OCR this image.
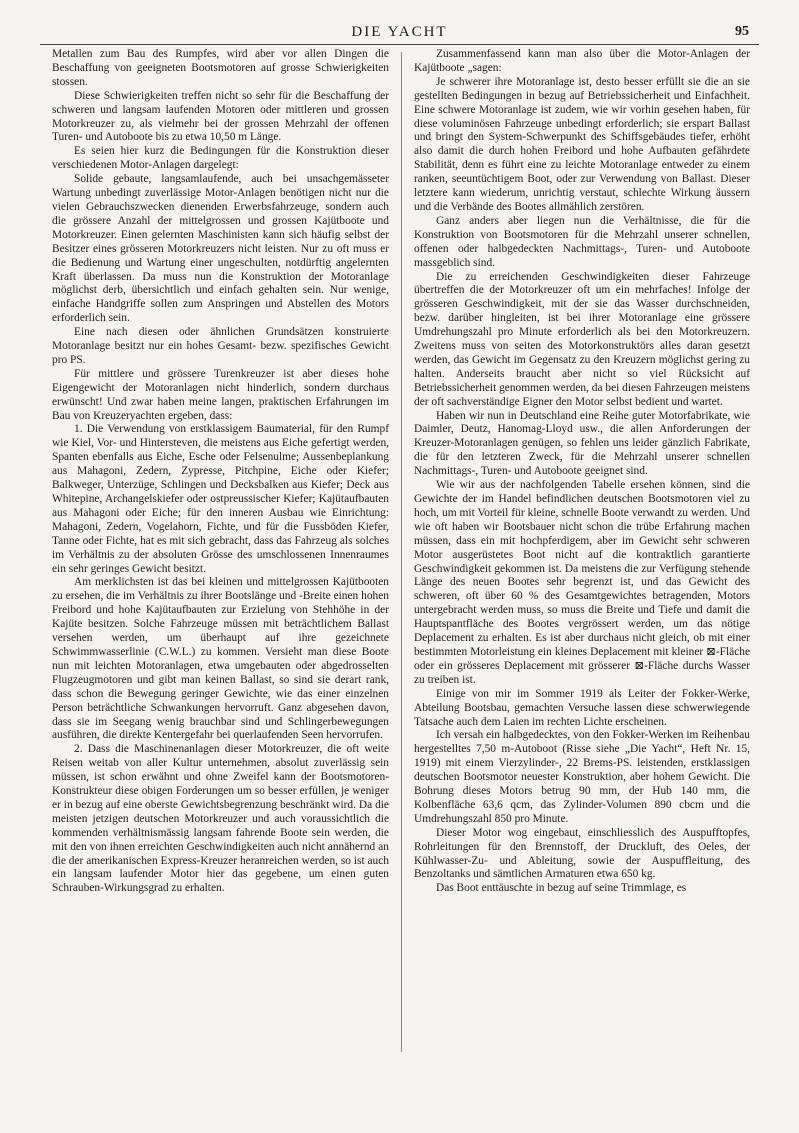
DIE YACHT	95

Metallen zum Bau des Rumpfes, wird aber vor allen Dingen die Beschaffung von geeigneten Bootsmotoren auf grosse Schwierigkeiten stossen.

Diese Schwierigkeiten treffen nicht so sehr für die Beschaffung der schweren und langsam laufenden Motoren oder mittleren und grossen Motorkreuzer zu, als vielmehr bei der grossen Mehrzahl der offenen Turen- und Autoboote bis zu etwa 10,50 m Länge.

Es seien hier kurz die Bedingungen für die Konstruktion dieser verschiedenen Motor-Anlagen dargelegt:

Solide gebaute, langsamlaufende, auch bei unsachgemässeter Wartung unbedingt zuverlässige Motor-Anlagen benötigen nicht nur die vielen Gebrauchszwecken dienenden Erwerbsfahrzeuge, sondern auch die grössere Anzahl der mittelgrossen und grossen Kajütboote und Motorkreuzer. Einen gelernten Maschinisten kann sich häufig selbst der Besitzer eines grösseren Motorkreuzers nicht leisten. Nur zu oft muss er die Bedienung und Wartung einer ungeschulten, notdürftig angelernten Kraft überlassen. Da muss nun die Konstruktion der Motoranlage möglichst derb, übersichtlich und einfach gehalten sein. Nur wenige, einfache Handgriffe sollen zum Anspringen und Abstellen des Motors erforderlich sein.

Eine nach diesen oder ähnlichen Grundsätzen konstruierte Motoranlage besitzt nur ein hohes Gesamt- bezw. spezifisches Gewicht pro PS.

Für mittlere und grössere Turenkreuzer ist aber dieses hohe Eigengewicht der Motoranlagen nicht hinderlich, sondern durchaus erwünscht! Und zwar haben meine langen, praktischen Erfahrungen im Bau von Kreuzeryachten ergeben, dass:

1. Die Verwendung von erstklassigem Baumaterial, für den Rumpf wie Kiel, Vor- und Hintersteven, die meistens aus Eiche gefertigt werden, Spanten ebenfalls aus Eiche, Esche oder Felsenulme; Aussenbeplankung aus Mahagoni, Zedern, Zypresse, Pitchpine, Eiche oder Kiefer; Balkweger, Unterzüge, Schlingen und Decksbalken aus Kiefer; Deck aus Whitepine, Archangelskiefer oder ostpreussischer Kiefer; Kajütaufbauten aus Mahagoni oder Eiche; für den inneren Ausbau wie Einrichtung: Mahagoni, Zedern, Vogelahorn, Fichte, und für die Fussböden Kiefer, Tanne oder Fichte, hat es mit sich gebracht, dass das Fahrzeug als solches im Verhältnis zu der absoluten Grösse des umschlossenen Innenraumes ein sehr geringes Gewicht besitzt.

Am merklichsten ist das bei kleinen und mittelgrossen Kajütbooten zu ersehen, die im Verhältnis zu ihrer Bootslänge und -Breite einen hohen Freibord und hohe Kajütaufbauten zur Erzielung von Stehhöhe in der Kajüte besitzen. Solche Fahrzeuge müssen mit beträchtlichem Ballast versehen werden, um überhaupt auf ihre gezeichnete Schwimmwasserlinie (C.W.L.) zu kommen. Versieht man diese Boote nun mit leichten Motoranlagen, etwa umgebauten oder abgedrosselten Flugzeugmotoren und gibt man keinen Ballast, so sind sie derart rank, dass schon die Bewegung geringer Gewichte, wie das einer einzelnen Person beträchtliche Schwankungen hervorruft. Ganz abgesehen davon, dass sie im Seegang wenig brauchbar sind und Schlingerbewegungen ausführen, die direkte Kentergefahr bei querlaufenden Seen hervorrufen.

2. Dass die Maschinenanlagen dieser Motorkreuzer, die oft weite Reisen weitab von aller Kultur unternehmen, absolut zuverlässig sein müssen, ist schon erwähnt und ohne Zweifel kann der Bootsmotoren-Konstrukteur diese obigen Forderungen um so besser erfüllen, je weniger er in bezug auf eine oberste Gewichtsbegrenzung beschränkt wird. Da die meisten jetzigen deutschen Motorkreuzer und auch voraussichtlich die kommenden verhältnismässig langsam fahrende Boote sein werden, die mit den von ihnen erreichten Geschwindigkeiten auch nicht annähernd an die der amerikanischen Express-Kreuzer heranreichen werden, so ist auch ein langsam laufender Motor hier das gegebene, um einen guten Schrauben-Wirkungsgrad zu erhalten.

Zusammenfassend kann man also über die Motor-Anlagen der Kajütboote „sagen:

Je schwerer ihre Motoranlage ist, desto besser erfüllt sie die an sie gestellten Bedingungen in bezug auf Betriebssicherheit und Einfachheit. Eine schwere Motoranlage ist zudem, wie wir vorhin gesehen haben, für diese voluminösen Fahrzeuge unbedingt erforderlich; sie erspart Ballast und bringt den System-Schwerpunkt des Schiffsgebäudes tiefer, erhöht also damit die durch hohen Freibord und hohe Aufbauten gefährdete Stabilität, denn es führt eine zu leichte Motoranlage entweder zu einem ranken, seeuntüchtigem Boot, oder zur Verwendung von Ballast. Dieser letztere kann wiederum, unrichtig verstaut, schlechte Wirkung äussern und die Verbände des Bootes allmählich zerstören.

Ganz anders aber liegen nun die Verhältnisse, die für die Konstruktion von Bootsmotoren für die Mehrzahl unserer schnellen, offenen oder halbgedeckten Nachmittags-, Turen- und Autoboote massgeblich sind.

Die zu erreichenden Geschwindigkeiten dieser Fahrzeuge übertreffen die der Motorkreuzer oft um ein mehrfaches! Infolge der grösseren Geschwindigkeit, mit der sie das Wasser durchschneiden, bezw. darüber hingleiten, ist bei ihrer Motoranlage eine grössere Umdrehungszahl pro Minute erforderlich als bei den Motorkreuzern. Zweitens muss von seiten des Motorkonstruktörs alles daran gesetzt werden, das Gewicht im Gegensatz zu den Kreuzern möglichst gering zu halten. Anderseits braucht aber nicht so viel Rücksicht auf Betriebssicherheit genommen werden, da bei diesen Fahrzeugen meistens der oft sachverständige Eigner den Motor selbst bedient und wartet.

Haben wir nun in Deutschland eine Reihe guter Motorfabrikate, wie Daimler, Deutz, Hanomag-Lloyd usw., die allen Anforderungen der Kreuzer-Motoranlagen genügen, so fehlen uns leider gänzlich Fabrikate, die für den letzteren Zweck, für die Mehrzahl unserer schnellen Nachmittags-, Turen- und Autoboote geeignet sind.

Wie wir aus der nachfolgenden Tabelle ersehen können, sind die Gewichte der im Handel befindlichen deutschen Bootsmotoren viel zu hoch, um mit Vorteil für kleine, schnelle Boote verwandt zu werden. Und wie oft haben wir Bootsbauer nicht schon die trübe Erfahrung machen müssen, dass ein mit hochpferdigem, aber im Gewicht sehr schweren Motor ausgerüstetes Boot nicht auf die kontraktlich garantierte Geschwindigkeit gekommen ist. Da meistens die zur Verfügung stehende Länge des neuen Bootes sehr begrenzt ist, und das Gewicht des schweren, oft über 60 % des Gesamtgewichtes betragenden, Motors untergebracht werden muss, so muss die Breite und Tiefe und damit die Hauptspantfläche des Bootes vergrössert werden, um das nötige Deplacement zu erhalten. Es ist aber durchaus nicht gleich, ob mit einer bestimmten Motorleistung ein kleines Deplacement mit kleiner ⊠-Fläche oder ein grösseres Deplacement mit grösserer ⊠-Fläche durchs Wasser zu treiben ist.

Einige von mir im Sommer 1919 als Leiter der Fokker-Werke, Abteilung Bootsbau, gemachten Versuche lassen diese schwerwiegende Tatsache auch dem Laien im rechten Lichte erscheinen.

Ich versah ein halbgedecktes, von den Fokker-Werken im Reihenbau hergestelltes 7,50 m-Autoboot (Risse siehe „Die Yacht“, Heft Nr. 15, 1919) mit einem Vierzylinder-, 22 Brems-PS. leistenden, erstklassigen deutschen Bootsmotor neuester Konstruktion, aber hohem Gewicht. Die Bohrung dieses Motors betrug 90 mm, der Hub 140 mm, die Kolbenfläche 63,6 qcm, das Zylinder-Volumen 890 cbcm und die Umdrehungszahl 850 pro Minute.

Dieser Motor wog eingebaut, einschliesslich des Auspufftopfes, Rohrleitungen für den Brennstoff, der Druckluft, des Oeles, der Kühlwasser-Zu- und Ableitung, sowie der Auspuffleitung, des Benzoltanks und sämtlichen Armaturen etwa 650 kg.

Das Boot enttäuschte in bezug auf seine Trimmlage, es
